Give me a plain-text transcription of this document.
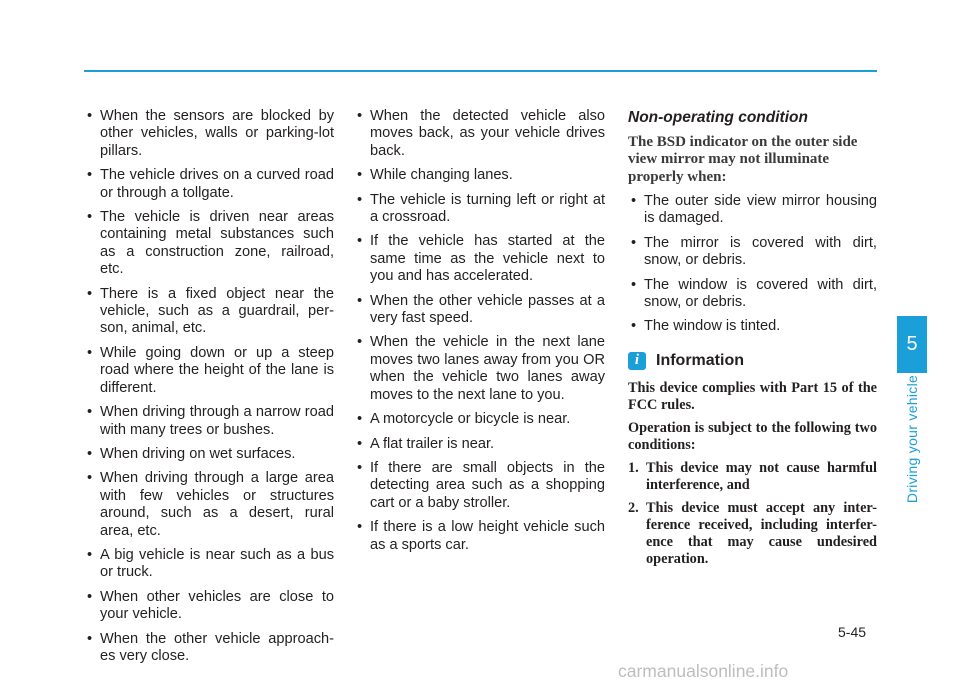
• When the sensors are blocked by other vehicles, walls or parking-lot pillars.
• The vehicle drives on a curved road or through a tollgate.
• The vehicle is driven near areas containing metal substances such as a construction zone, railroad, etc.
• There is a fixed object near the vehicle, such as a guardrail, per-son, animal, etc.
• While going down or up a steep road where the height of the lane is different.
• When driving through a narrow road with many trees or bushes.
• When driving on wet surfaces.
• When driving through a large area with few vehicles or structures around, such as a desert, rural area, etc.
• A big vehicle is near such as a bus or truck.
• When other vehicles are close to your vehicle.
• When the other vehicle approach-es very close.
• When the detected vehicle also moves back, as your vehicle drives back.
• While changing lanes.
• The vehicle is turning left or right at a crossroad.
• If the vehicle has started at the same time as the vehicle next to you and has accelerated.
• When the other vehicle passes at a very fast speed.
• When the vehicle in the next lane moves two lanes away from you OR when the vehicle two lanes away moves to the next lane to you.
• A motorcycle or bicycle is near.
• A flat trailer is near.
• If there are small objects in the detecting area such as a shopping cart or a baby stroller.
• If there is a low height vehicle such as a sports car.
Non-operating condition

The BSD indicator on the outer side view mirror may not illuminate properly when:

• The outer side view mirror housing is damaged.
• The mirror is covered with dirt, snow, or debris.
• The window is covered with dirt, snow, or debris.
• The window is tinted.
i	Information

This device complies with Part 15 of the FCC rules.

Operation is subject to the following two conditions:

1. This device may not cause harmful interference, and
2. This device must accept any inter-ference received, including interfer-ence that may cause undesired operation.
5
Driving your vehicle
5-45
carmanualsonline.info
